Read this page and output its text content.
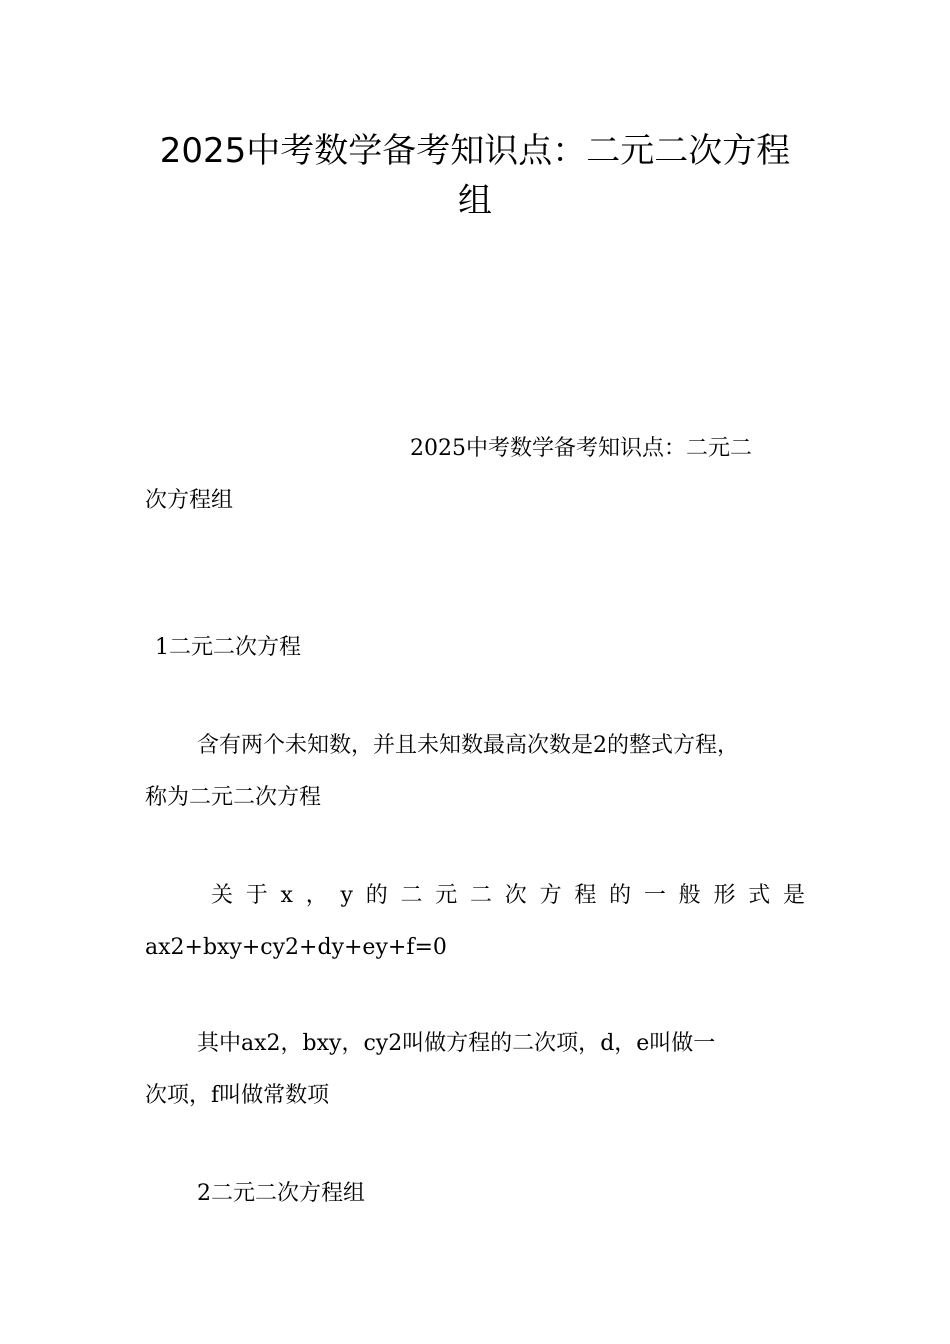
2025中考数学备考知识点：二元二次方程
组

2025中考数学备考知识点：二元二
次方程组

1二元二次方程

含有两个未知数，并且未知数最高次数是2的整式方程，
称为二元二次方程

关于x，y的二元二次方程的一般形式是
ax2+bxy+cy2+dy+ey+f=0

其中ax2，bxy，cy2叫做方程的二次项，d，e叫做一
次项，f叫做常数项

2二元二次方程组
